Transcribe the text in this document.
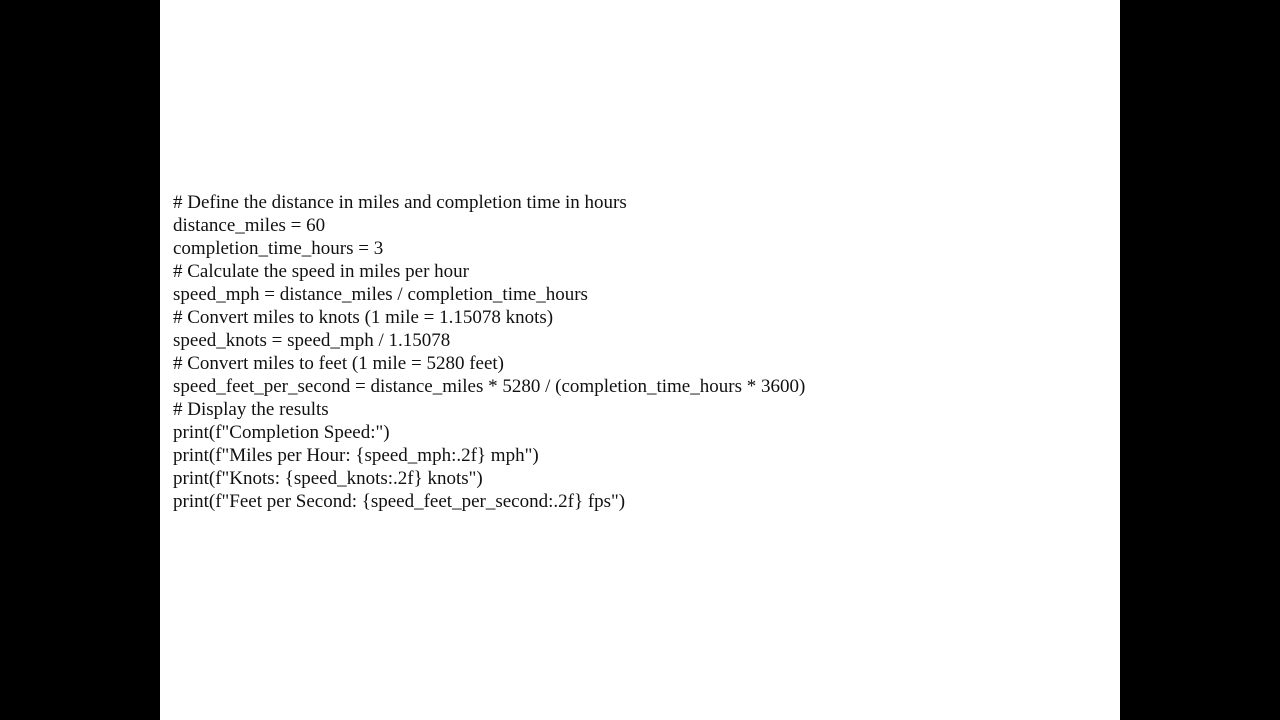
# Define the distance in miles and completion time in hours
distance_miles = 60
completion_time_hours = 3
# Calculate the speed in miles per hour
speed_mph = distance_miles / completion_time_hours
# Convert miles to knots (1 mile = 1.15078 knots)
speed_knots = speed_mph / 1.15078
# Convert miles to feet (1 mile = 5280 feet)
speed_feet_per_second = distance_miles * 5280 / (completion_time_hours * 3600)
# Display the results
print(f"Completion Speed:")
print(f"Miles per Hour: {speed_mph:.2f} mph")
print(f"Knots: {speed_knots:.2f} knots")
print(f"Feet per Second: {speed_feet_per_second:.2f} fps")
